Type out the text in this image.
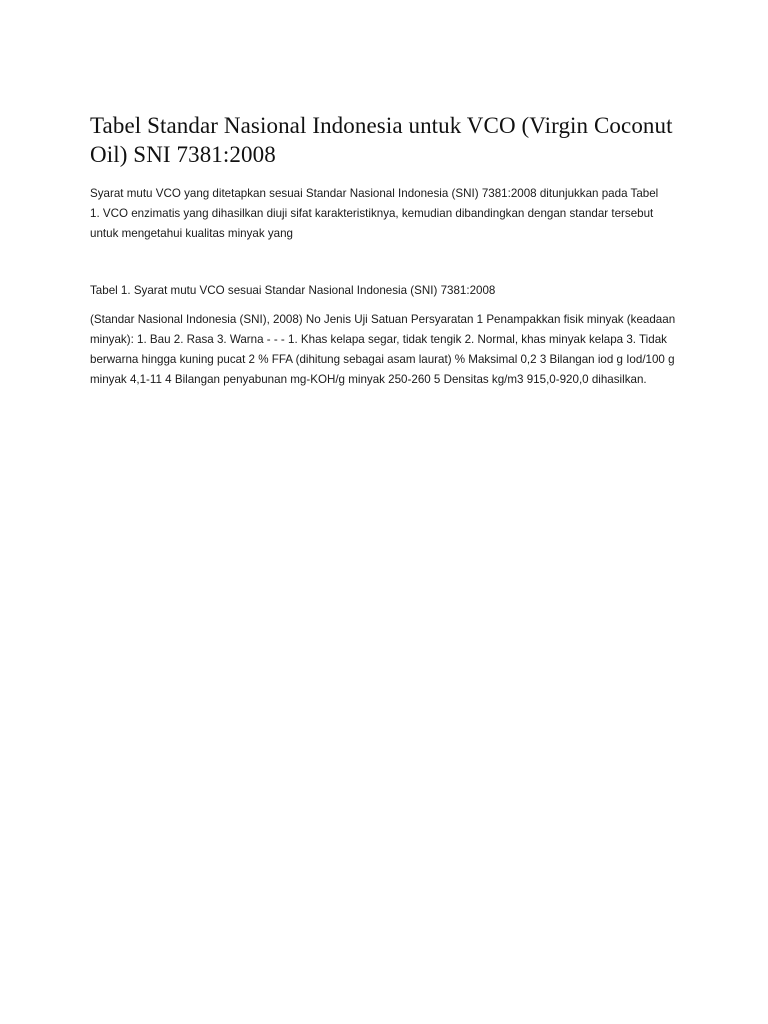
Tabel Standar Nasional Indonesia untuk VCO (Virgin Coconut Oil) SNI 7381:2008

Syarat mutu VCO yang ditetapkan sesuai Standar Nasional Indonesia (SNI) 7381:2008 ditunjukkan pada Tabel 1. VCO enzimatis yang dihasilkan diuji sifat karakteristiknya, kemudian dibandingkan dengan standar tersebut untuk mengetahui kualitas minyak yang

Tabel 1. Syarat mutu VCO sesuai Standar Nasional Indonesia (SNI) 7381:2008

(Standar Nasional Indonesia (SNI), 2008) No Jenis Uji Satuan Persyaratan 1 Penampakkan fisik minyak (keadaan minyak): 1. Bau 2. Rasa 3. Warna - - - 1. Khas kelapa segar, tidak tengik 2. Normal, khas minyak kelapa 3. Tidak berwarna hingga kuning pucat 2 % FFA (dihitung sebagai asam laurat) % Maksimal 0,2 3 Bilangan iod g Iod/100 g minyak 4,1-11 4 Bilangan penyabunan mg-KOH/g minyak 250-260 5 Densitas kg/m3 915,0-920,0 dihasilkan.
